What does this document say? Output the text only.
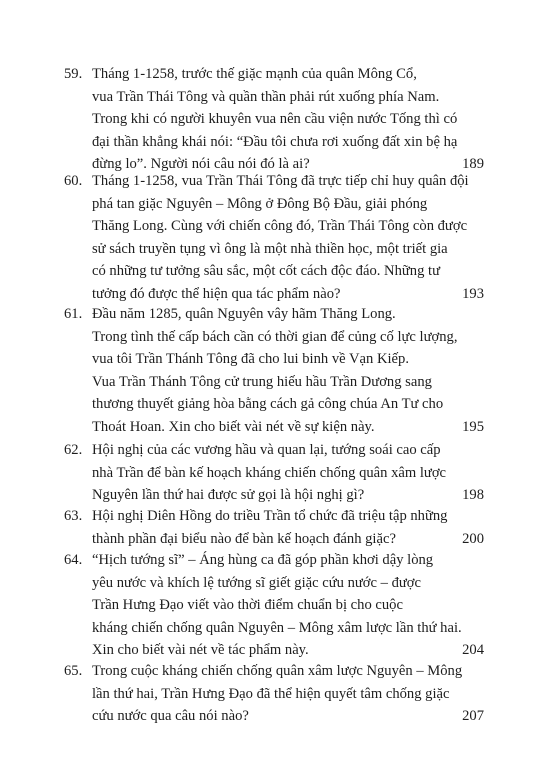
59. Tháng 1-1258, trước thế giặc mạnh của quân Mông Cổ,
vua Trần Thái Tông và quần thần phải rút xuống phía Nam.
Trong khi có người khuyên vua nên cầu viện nước Tống thì có
đại thần khẳng khái nói: “Đầu tôi chưa rơi xuống đất xin bệ hạ
đừng lo”. Người nói câu nói đó là ai?	189
60. Tháng 1-1258, vua Trần Thái Tông đã trực tiếp chỉ huy quân đội
phá tan giặc Nguyên – Mông ở Đông Bộ Đầu, giải phóng
Thăng Long. Cùng với chiến công đó, Trần Thái Tông còn được
sử sách truyền tụng vì ông là một nhà thiền học, một triết gia
có những tư tưởng sâu sắc, một cốt cách độc đáo. Những tư
tưởng đó được thể hiện qua tác phẩm nào?	193
61. Đầu năm 1285, quân Nguyên vây hãm Thăng Long.
Trong tình thế cấp bách cần có thời gian để củng cố lực lượng,
vua tôi Trần Thánh Tông đã cho lui binh về Vạn Kiếp.
Vua Trần Thánh Tông cử trung hiếu hầu Trần Dương sang
thương thuyết giảng hòa bằng cách gả công chúa An Tư cho
Thoát Hoan. Xin cho biết vài nét về sự kiện này.	195
62. Hội nghị của các vương hầu và quan lại, tướng soái cao cấp
nhà Trần để bàn kế hoạch kháng chiến chống quân xâm lược
Nguyên lần thứ hai được sử gọi là hội nghị gì?	198
63. Hội nghị Diên Hồng do triều Trần tổ chức đã triệu tập những
thành phần đại biểu nào để bàn kế hoạch đánh giặc?	200
64. “Hịch tướng sĩ” – Áng hùng ca đã góp phần khơi dậy lòng
yêu nước và khích lệ tướng sĩ giết giặc cứu nước – được
Trần Hưng Đạo viết vào thời điểm chuẩn bị cho cuộc
kháng chiến chống quân Nguyên – Mông xâm lược lần thứ hai.
Xin cho biết vài nét về tác phẩm này.	204
65. Trong cuộc kháng chiến chống quân xâm lược Nguyên – Mông
lần thứ hai, Trần Hưng Đạo đã thể hiện quyết tâm chống giặc
cứu nước qua câu nói nào?	207
